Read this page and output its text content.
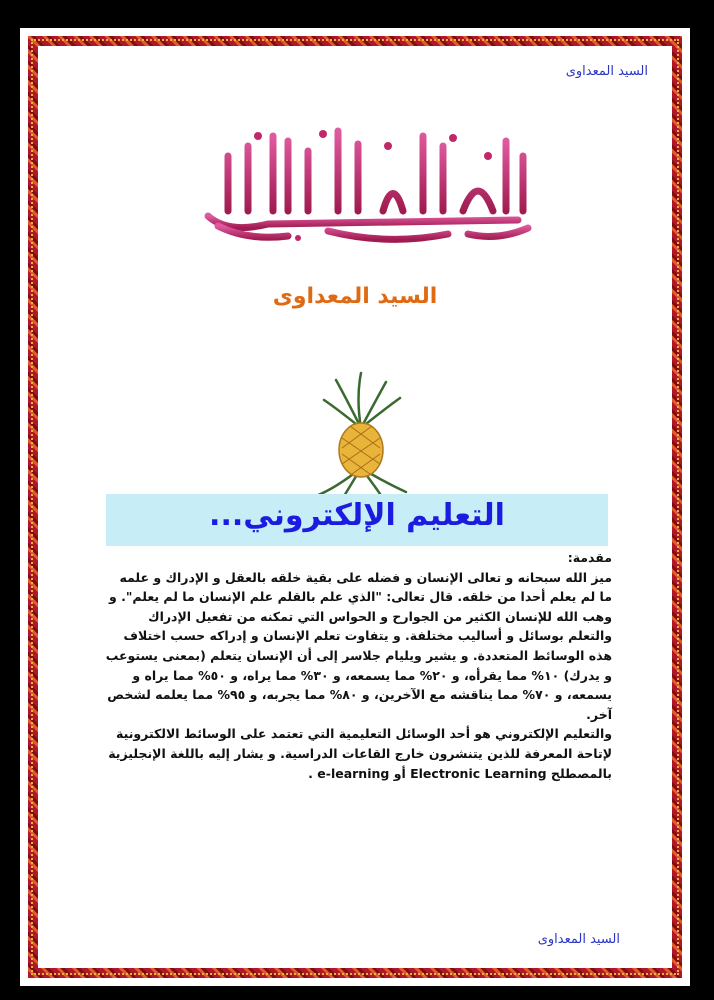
السيد المعداوى
السيد المعداوى
التعليم الإلكتروني...

مقدمة:

ميز الله سبحانه و تعالى الإنسان و فضله على بقية خلقه بالعقل و الإدراك و علمه ما لم يعلم أحدا من خلقه. قال تعالى: "الذي علم بالقلم علم الإنسان ما لم يعلم". و وهب الله للإنسان الكثير من الجوارح و الحواس التي تمكنه من تفعيل الإدراك والتعلم بوسائل و أساليب مختلفة. و يتفاوت تعلم الإنسان و إدراكه حسب اختلاف هذه الوسائط المتعددة. و يشير ويليام جلاسر إلى أن الإنسان يتعلم (بمعنى يستوعب و يدرك) ١٠% مما يقرأه، و ٢٠% مما يسمعه، و ٣٠% مما يراه، و ٥٠% مما يراه و يسمعه، و ٧٠% مما يناقشه مع الآخرين، و ٨٠% مما يجربه، و ٩٥% مما يعلمه لشخص آخر.

والتعليم الإلكتروني هو أحد الوسائل التعليمية التي تعتمد على الوسائط الالكترونية لإتاحة المعرفة للذين يتنشرون خارج القاعات الدراسية. و يشار إليه باللغة الإنجليزية بالمصطلح Electronic Learning أو e-learning .

السيد المعداوى
